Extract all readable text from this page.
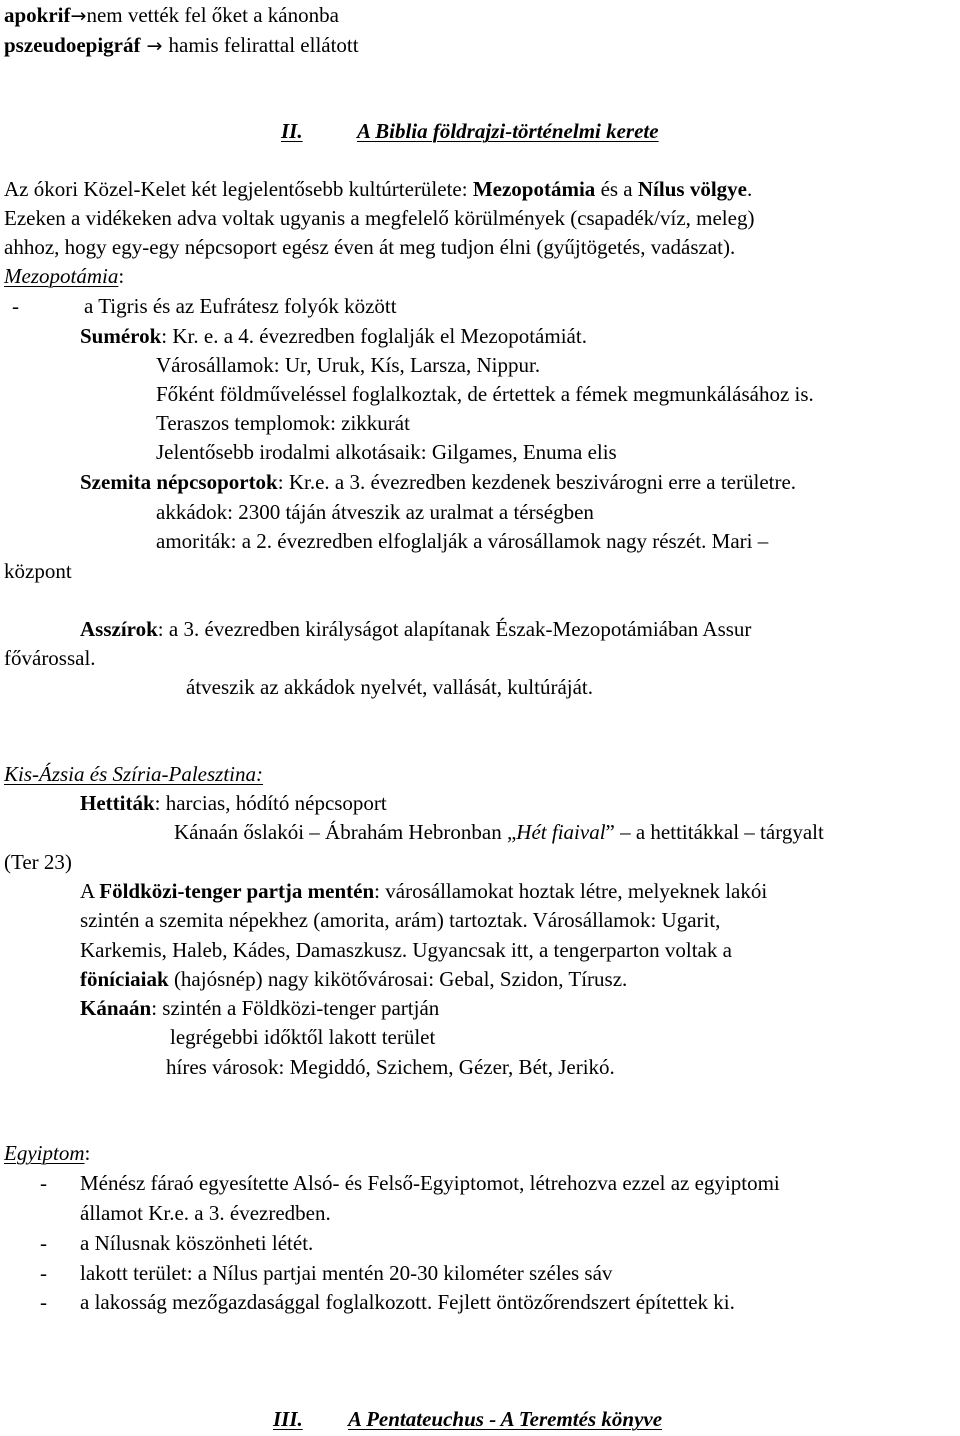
apokrif→nem vették fel őket a kánonba
pszeudoepigráf → hamis felirattal ellátott
II.	A Biblia földrajzi-történelmi kerete
Az ókori Közel-Kelet két legjelentősebb kultúrterülete: Mezopotámia és a Nílus völgye.
Ezeken a vidékeken adva voltak ugyanis a megfelelő körülmények (csapadék/víz, meleg)
ahhoz, hogy egy-egy népcsoport egész éven át meg tudjon élni (gyűjtögetés, vadászat).
Mezopotámia:
-	a Tigris és az Eufrátesz folyók között
Sumérok: Kr. e. a 4. évezredben foglalják el Mezopotámiát.
Városállamok: Ur, Uruk, Kís, Larsza, Nippur.
Főként földműveléssel foglalkoztak, de értettek a fémek megmunkálásához is.
Teraszos templomok: zikkurát
Jelentősebb irodalmi alkotásaik: Gilgames, Enuma elis
Szemita népcsoportok: Kr.e. a 3. évezredben kezdenek beszivárogni erre a területre.
akkádok: 2300 táján átveszik az uralmat a térségben
amoriták: a 2. évezredben elfoglalják a városállamok nagy részét. Mari –
központ
Asszírok: a 3. évezredben királyságot alapítanak Észak-Mezopotámiában Assur
fővárossal.
átveszik az akkádok nyelvét, vallását, kultúráját.
Kis-Ázsia és Szíria-Palesztina:
Hettiták: harcias, hódító népcsoport
Kánaán őslakói – Ábrahám Hebronban „Hét fiaival” – a hettitákkal – tárgyalt
(Ter 23)
A Földközi-tenger partja mentén: városállamokat hoztak létre, melyeknek lakói
szintén a szemita népekhez (amorita, arám) tartoztak. Városállamok: Ugarit,
Karkemis, Haleb, Kádes, Damaszkusz. Ugyancsak itt, a tengerparton voltak a
föníciaiak (hajósnép) nagy kikötővárosai: Gebal, Szidon, Tírusz.
Kánaán: szintén a Földközi-tenger partján
legrégebbi időktől lakott terület
híres városok: Megiddó, Szichem, Gézer, Bét, Jerikó.
Egyiptom:
- Ménész fáraó egyesítette Alsó- és Felső-Egyiptomot, létrehozva ezzel az egyiptomi
államot Kr.e. a 3. évezredben.
- a Nílusnak köszönheti létét.
- lakott terület: a Nílus partjai mentén 20-30 kilométer széles sáv
- a lakosság mezőgazdasággal foglalkozott. Fejlett öntözőrendszert építettek ki.
III. A Pentateuchus - A Teremtés könyve
